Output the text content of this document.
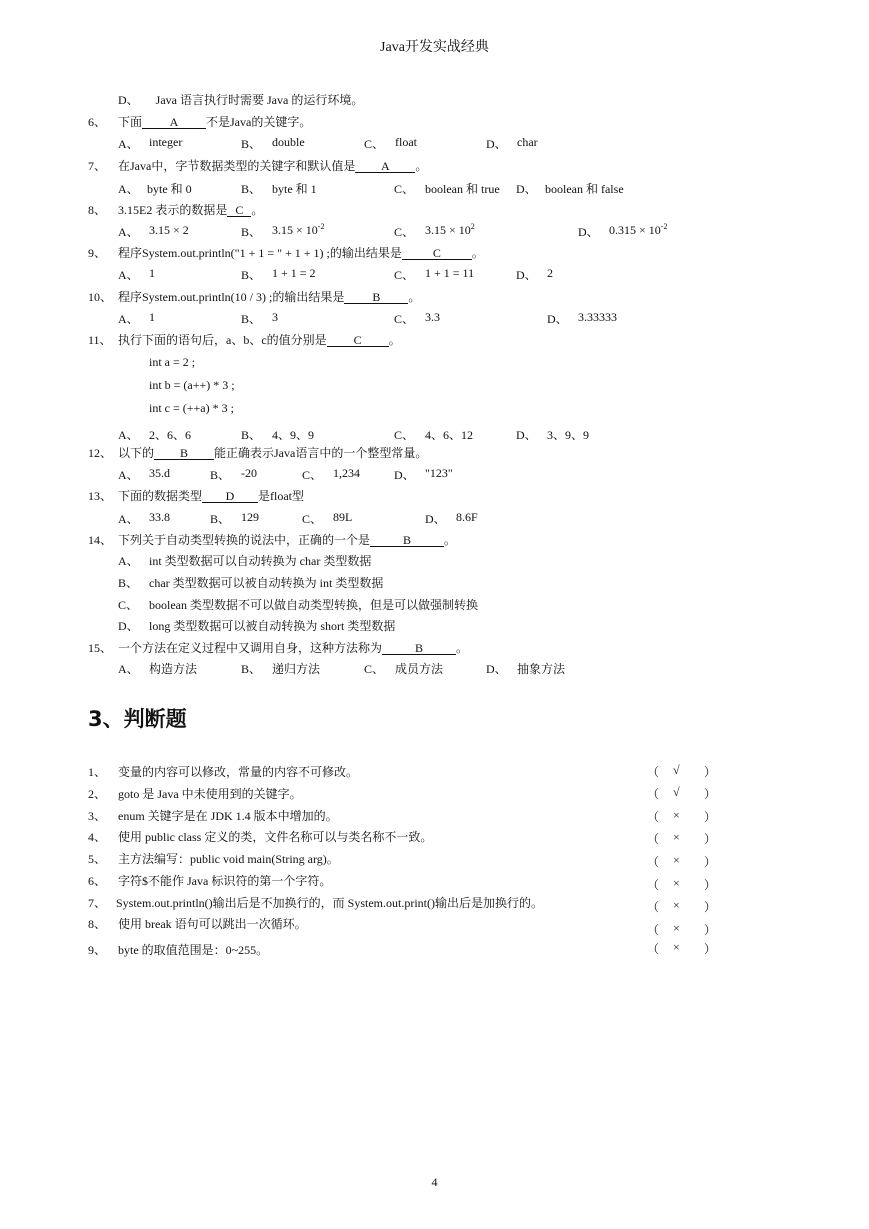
Java开发实战经典
D、 Java 语言执行时需要 Java 的运行环境。
6、 下面 A 不是Java的关键字。
A、 integer	B、 double	C、 float	D、 char
7、 在Java中，字节数据类型的关键字和默认值是 A 。
A、 byte 和 0	B、 byte 和 1	C、 boolean 和 true D、 boolean 和 false
8、 3.15E2 表示的数据是 C 。
A、 3.15 × 2	B、 $3.15 \times 10^{-2}$	C、 $3.15 \times 10^2$	D、 $0.315 \times 10^{-2}$
9、 程序System.out.println("1 + 1 = " + 1 + 1) ;的输出结果是	C	。
A、 1	B、 1 + 1 = 2	C、 1 + 1 = 11	D、 2
10、 程序System.out.println(10 / 3) ;的输出结果是 B 。
A、 1	B、 3	C、 3.3	D、 3.33333
11、 执行下面的语句后，a、b、c的值分别是 C 。
int a = 2 ;
int b = (a++) * 3 ;
int c = (++a) * 3 ;
A、 2、6、6	B、 4、9、9	C、 4、6、12	D、 3、9、9
12、 以下的 B 能正确表示Java语言中的一个整型常量。
A、 35.d	B、 -20	C、 1,234	D、 "123"
13、 下面的数据类型 D 是float型
A、 33.8	B、 129	C、 89L	D、 8.6F
14、 下列关于自动类型转换的说法中，正确的一个是	B	。
A、 int 类型数据可以自动转换为 char 类型数据
B、 char 类型数据可以被自动转换为 int 类型数据
C、 boolean 类型数据不可以做自动类型转换，但是可以做强制转换
D、 long 类型数据可以被自动转换为 short 类型数据
15、 一个方法在定义过程中又调用自身，这种方法称为	B	。
A、 构造方法	B、 递归方法	C、 成员方法	D、 抽象方法
3、判断题
1、 变量的内容可以修改，常量的内容不可修改。	（ √ ）
2、 goto 是 Java 中未使用到的关键字。	（ √ ）
3、 enum 关键字是在 JDK 1.4 版本中增加的。	（ × ）
4、 使用 public class 定义的类，文件名称可以与类名称不一致。	（ × ）
5、 主方法编写：public void main(String arg)。	（ × ）
6、 字符$不能作 Java 标识符的第一个字符。	（ × ）
7、 System.out.println()输出后是不加换行的，而 System.out.print()输出后是加换行的。	（ × ）
8、 使用 break 语句可以跳出一次循环。	（ × ）
9、 byte 的取值范围是：0~255。	（ × ）
4
